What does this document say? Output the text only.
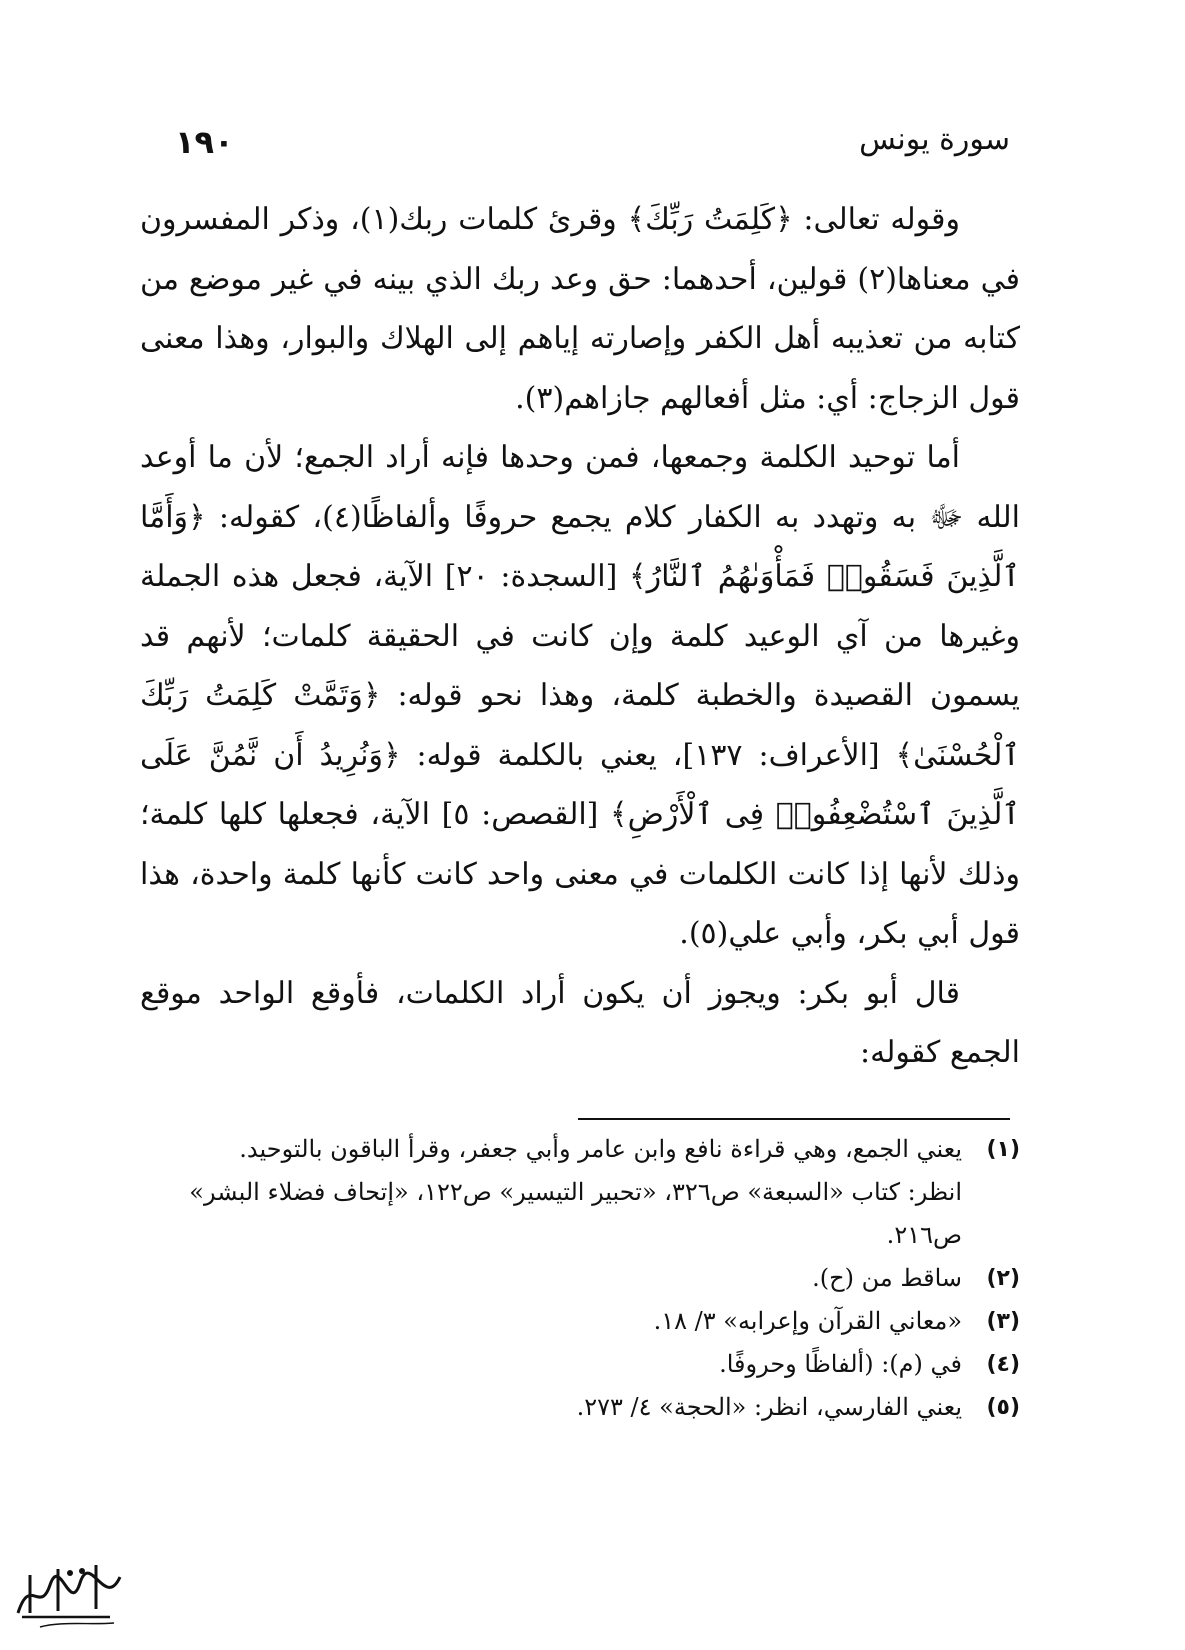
سورة يونس
١٩٠

وقوله تعالى: ﴿كَلِمَتُ رَبِّكَ﴾ وقرئ كلمات ربك(١)، وذكر المفسرون في معناها(٢) قولين، أحدهما: حق وعد ربك الذي بينه في غير موضع من كتابه من تعذيبه أهل الكفر وإصارته إياهم إلى الهلاك والبوار، وهذا معنى قول الزجاج: أي: مثل أفعالهم جازاهم(٣).

أما توحيد الكلمة وجمعها، فمن وحدها فإنه أراد الجمع؛ لأن ما أوعد الله ﷻ به وتهدد به الكفار كلام يجمع حروفًا وألفاظًا(٤)، كقوله: ﴿وَأَمَّا ٱلَّذِينَ فَسَقُوا۟ فَمَأْوَىٰهُمُ ٱلنَّارُ﴾ [السجدة: ٢٠] الآية، فجعل هذه الجملة وغيرها من آي الوعيد كلمة وإن كانت في الحقيقة كلمات؛ لأنهم قد يسمون القصيدة والخطبة كلمة، وهذا نحو قوله: ﴿وَتَمَّتْ كَلِمَتُ رَبِّكَ ٱلْحُسْنَىٰ﴾ [الأعراف: ١٣٧]، يعني بالكلمة قوله: ﴿وَنُرِيدُ أَن نَّمُنَّ عَلَى ٱلَّذِينَ ٱسْتُضْعِفُوا۟ فِى ٱلْأَرْضِ﴾ [القصص: ٥] الآية، فجعلها كلها كلمة؛ وذلك لأنها إذا كانت الكلمات في معنى واحد كانت كأنها كلمة واحدة، هذا قول أبي بكر، وأبي علي(٥).

قال أبو بكر: ويجوز أن يكون أراد الكلمات، فأوقع الواحد موقع الجمع كقوله:

(١)
يعني الجمع، وهي قراءة نافع وابن عامر وأبي جعفر، وقرأ الباقون بالتوحيد.
انظر: كتاب «السبعة» ص٣٢٦، «تحبير التيسير» ص١٢٢، «إتحاف فضلاء البشر»
ص٢١٦.
(٢)
ساقط من (ح).
(٣)
«معاني القرآن وإعرابه» ٣/ ١٨.
(٤)
في (م): (ألفاظًا وحروفًا.
(٥)
يعني الفارسي، انظر: «الحجة» ٤/ ٢٧٣.
